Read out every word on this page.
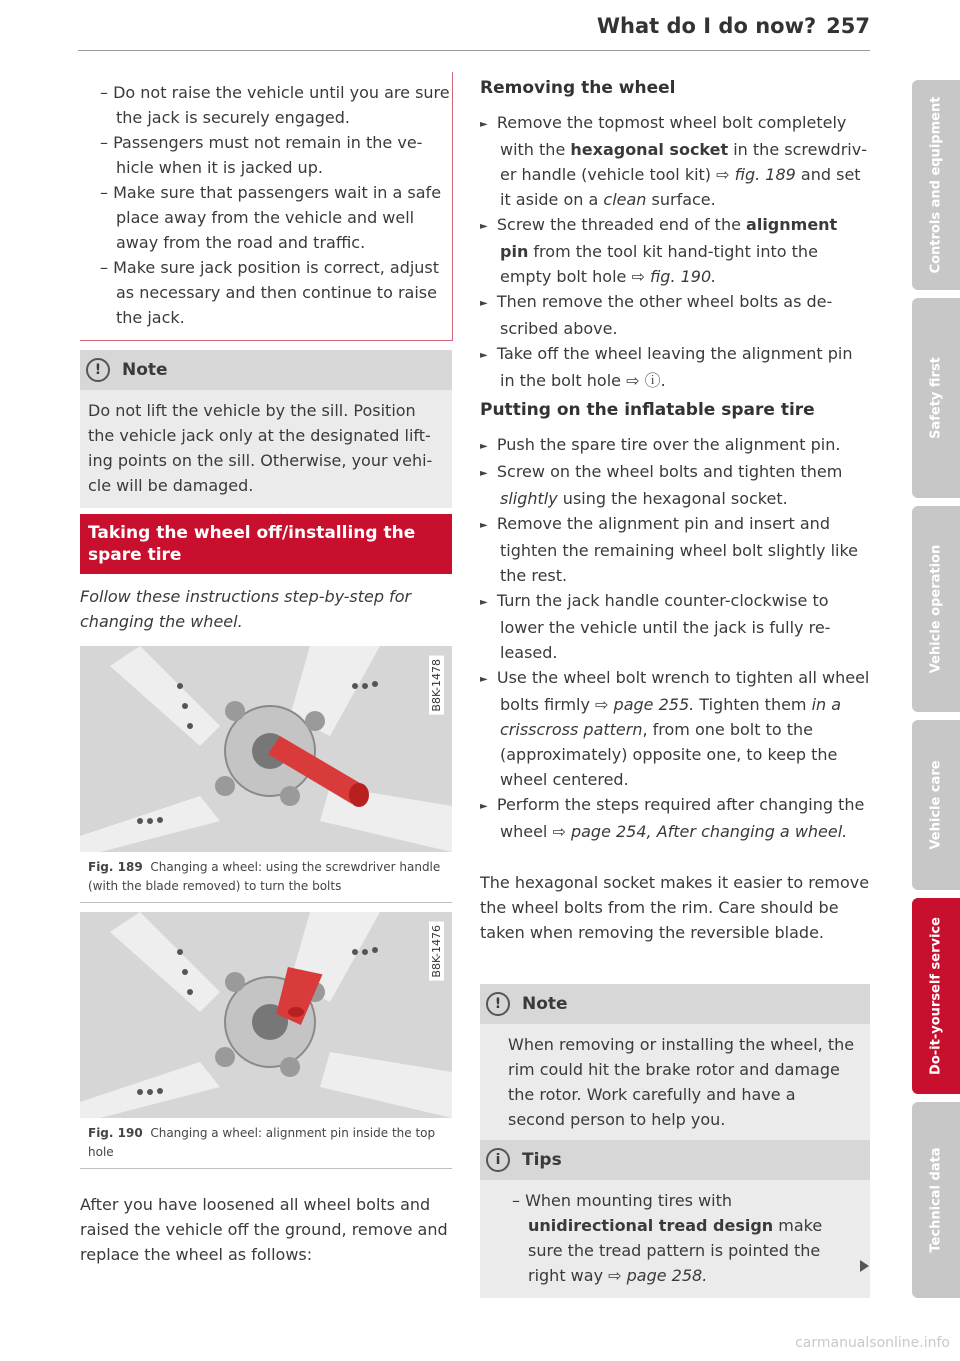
What do I do now? 257
– Do not raise the vehicle until you are sure the jack is securely engaged.
– Passengers must not remain in the vehicle when it is jacked up.
– Make sure that passengers wait in a safe place away from the vehicle and well away from the road and traffic.
– Make sure jack position is correct, adjust as necessary and then continue to raise the jack.
! Note

Do not lift the vehicle by the sill. Position the vehicle jack only at the designated lifting points on the sill. Otherwise, your vehicle will be damaged.

Taking the wheel off/installing the spare tire

Follow these instructions step-by-step for changing the wheel.

B8K-1478
Fig. 189 Changing a wheel: using the screwdriver handle (with the blade removed) to turn the bolts
B8K-1476
Fig. 190 Changing a wheel: alignment pin inside the top hole

After you have loosened all wheel bolts and raised the vehicle off the ground, remove and replace the wheel as follows:

Removing the wheel
► Remove the topmost wheel bolt completely with the hexagonal socket in the screwdriver handle (vehicle tool kit) ⇨ fig. 189 and set it aside on a clean surface.
► Screw the threaded end of the alignment pin from the tool kit hand-tight into the empty bolt hole ⇨ fig. 190.
► Then remove the other wheel bolts as described above.
► Take off the wheel leaving the alignment pin in the bolt hole ⇨ ⓘ.
Putting on the inflatable spare tire
► Push the spare tire over the alignment pin.
► Screw on the wheel bolts and tighten them slightly using the hexagonal socket.
► Remove the alignment pin and insert and tighten the remaining wheel bolt slightly like the rest.
► Turn the jack handle counter-clockwise to lower the vehicle until the jack is fully released.
► Use the wheel bolt wrench to tighten all wheel bolts firmly ⇨ page 255. Tighten them in a crisscross pattern, from one bolt to the (approximately) opposite one, to keep the wheel centered.
► Perform the steps required after changing the wheel ⇨ page 254, After changing a wheel.

The hexagonal socket makes it easier to remove the wheel bolts from the rim. Care should be taken when removing the reversible blade.

! Note

When removing or installing the wheel, the rim could hit the brake rotor and damage the rotor. Work carefully and have a second person to help you.

i Tips
– When mounting tires with unidirectional tread design make sure the tread pattern is pointed the right way ⇨ page 258.
Controls and equipment
Safety first
Vehicle operation
Vehicle care
Do-it-yourself service
Technical data
carmanualsonline.info
